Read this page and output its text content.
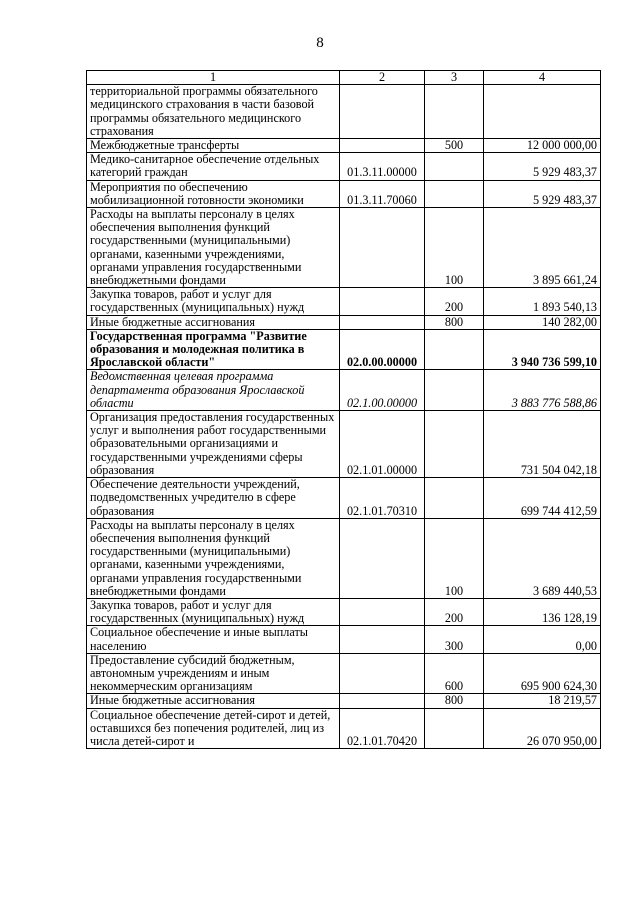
8
1	2	3	4
территориальной программы обязательного медицинского страхования в части базовой программы обязательного медицинского страхования			
Межбюджетные трансферты		500	12 000 000,00
Медико-санитарное обеспечение отдельных категорий граждан	01.3.11.00000		5 929 483,37
Мероприятия по обеспечению мобилизационной готовности экономики	01.3.11.70060		5 929 483,37
Расходы на выплаты персоналу в целях обеспечения выполнения функций государственными (муниципальными) органами, казенными учреждениями, органами управления государственными внебюджетными фондами		100	3 895 661,24
Закупка товаров, работ и услуг для государственных (муниципальных) нужд		200	1 893 540,13
Иные бюджетные ассигнования		800	140 282,00
Государственная программа "Развитие образования и молодежная политика в Ярославской области"	02.0.00.00000		3 940 736 599,10
Ведомственная целевая программа департамента образования Ярославской области	02.1.00.00000		3 883 776 588,86
Организация предоставления государственных услуг и выполнения работ государственными образовательными организациями и государственными учреждениями сферы образования	02.1.01.00000		731 504 042,18
Обеспечение деятельности учреждений, подведомственных учредителю в сфере образования	02.1.01.70310		699 744 412,59
Расходы на выплаты персоналу в целях обеспечения выполнения функций государственными (муниципальными) органами, казенными учреждениями, органами управления государственными внебюджетными фондами		100	3 689 440,53
Закупка товаров, работ и услуг для государственных (муниципальных) нужд		200	136 128,19
Социальное обеспечение и иные выплаты населению		300	0,00
Предоставление субсидий бюджетным, автономным учреждениям и иным некоммерческим организациям		600	695 900 624,30
Иные бюджетные ассигнования		800	18 219,57
Социальное обеспечение детей-сирот и детей, оставшихся без попечения родителей, лиц из числа детей-сирот и	02.1.01.70420		26 070 950,00
